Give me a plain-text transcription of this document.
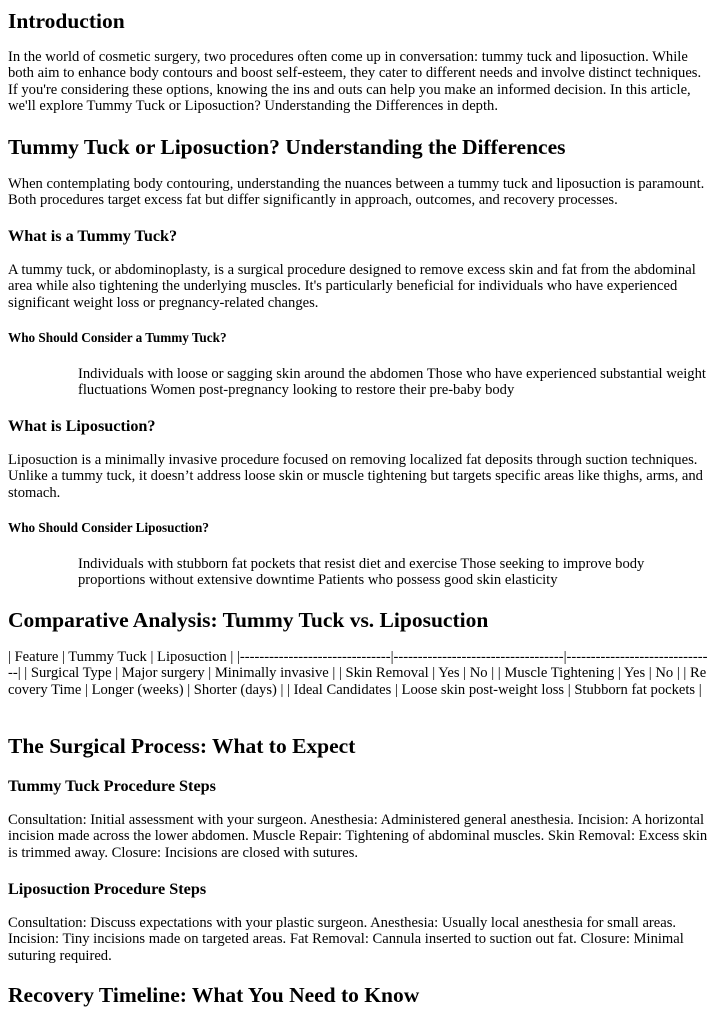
Introduction

In the world of cosmetic surgery, two procedures often come up in conversation: tummy tuck and liposuction. While both aim to enhance body contours and boost self-esteem, they cater to different needs and involve distinct techniques. If you're considering these options, knowing the ins and outs can help you make an informed decision. In this article, we'll explore Tummy Tuck or Liposuction? Understanding the Differences in depth.

Tummy Tuck or Liposuction? Understanding the Differences

When contemplating body contouring, understanding the nuances between a tummy tuck and liposuction is paramount. Both procedures target excess fat but differ significantly in approach, outcomes, and recovery processes.

What is a Tummy Tuck?

A tummy tuck, or abdominoplasty, is a surgical procedure designed to remove excess skin and fat from the abdominal area while also tightening the underlying muscles. It's particularly beneficial for individuals who have experienced significant weight loss or pregnancy-related changes.

Who Should Consider a Tummy Tuck?
Individuals with loose or sagging skin around the abdomen Those who have experienced substantial weight fluctuations Women post-pregnancy looking to restore their pre-baby body
What is Liposuction?

Liposuction is a minimally invasive procedure focused on removing localized fat deposits through suction techniques. Unlike a tummy tuck, it doesn’t address loose skin or muscle tightening but targets specific areas like thighs, arms, and stomach.

Who Should Consider Liposuction?
Individuals with stubborn fat pockets that resist diet and exercise Those seeking to improve body proportions without extensive downtime Patients who possess good skin elasticity
Comparative Analysis: Tummy Tuck vs. Liposuction

| Feature | Tummy Tuck | Liposuction | |-------------------------------|-----------------------------------|-------------------------------| | Surgical Type | Major surgery | Minimally invasive | | Skin Removal | Yes | No | | Muscle Tightening | Yes | No | | Recovery Time | Longer (weeks) | Shorter (days) | | Ideal Candidates | Loose skin post-weight loss | Stubborn fat pockets |

The Surgical Process: What to Expect
Tummy Tuck Procedure Steps

Consultation: Initial assessment with your surgeon. Anesthesia: Administered general anesthesia. Incision: A horizontal incision made across the lower abdomen. Muscle Repair: Tightening of abdominal muscles. Skin Removal: Excess skin is trimmed away. Closure: Incisions are closed with sutures.

Liposuction Procedure Steps

Consultation: Discuss expectations with your plastic surgeon. Anesthesia: Usually local anesthesia for small areas. Incision: Tiny incisions made on targeted areas. Fat Removal: Cannula inserted to suction out fat. Closure: Minimal suturing required.

Recovery Timeline: What You Need to Know
